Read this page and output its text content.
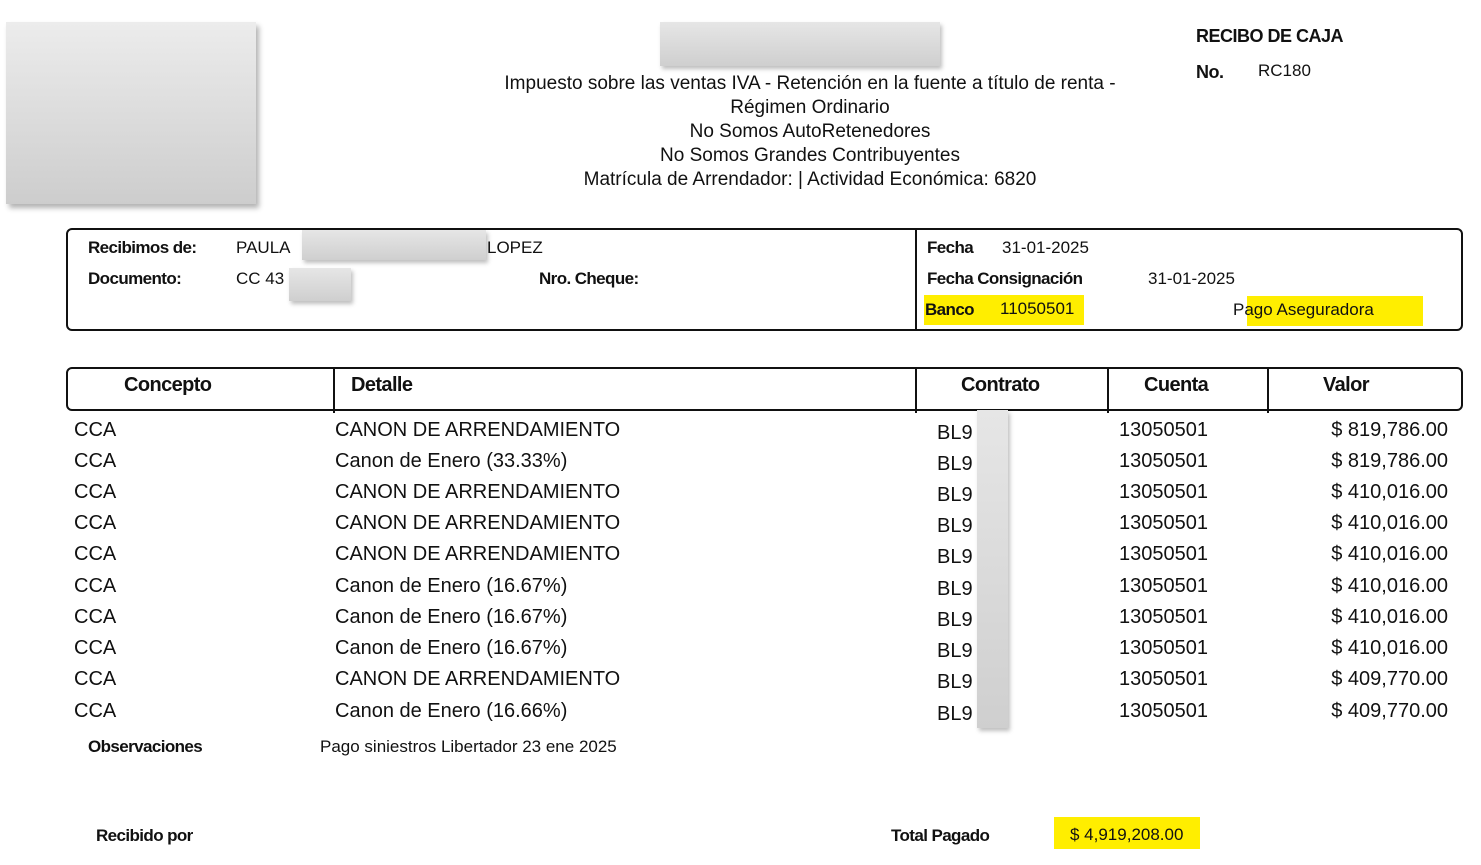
Impuesto sobre las ventas IVA - Retención en la fuente a título de renta -
Régimen Ordinario
No Somos AutoRetenedores
No Somos Grandes Contribuyentes
Matrícula de Arrendador: | Actividad Económica: 6820
RECIBO DE CAJA
No. RC180
Recibimos de: PAULA	LOPEZ
Documento:	CC 43	Nro. Cheque:
Fecha 31-01-2025
Fecha Consignación	31-01-2025
Banco 11050501	Pago Aseguradora
Concepto	Detalle	Contrato	Cuenta	Valor
CCA	CANON DE ARRENDAMIENTO	BL9	13050501	$ 819,786.00
CCA	Canon de Enero (33.33%)	BL9	13050501	$ 819,786.00
CCA	CANON DE ARRENDAMIENTO	BL9	13050501	$ 410,016.00
CCA	CANON DE ARRENDAMIENTO	BL9	13050501	$ 410,016.00
CCA	CANON DE ARRENDAMIENTO	BL9	13050501	$ 410,016.00
CCA	Canon de Enero (16.67%)	BL9	13050501	$ 410,016.00
CCA	Canon de Enero (16.67%)	BL9	13050501	$ 410,016.00
CCA	Canon de Enero (16.67%)	BL9	13050501	$ 410,016.00
CCA	CANON DE ARRENDAMIENTO	BL9	13050501	$ 409,770.00
CCA	Canon de Enero (16.66%)	BL9	13050501	$ 409,770.00
Observaciones	Pago siniestros Libertador 23 ene 2025
Recibido por	Total Pagado	$ 4,919,208.00
